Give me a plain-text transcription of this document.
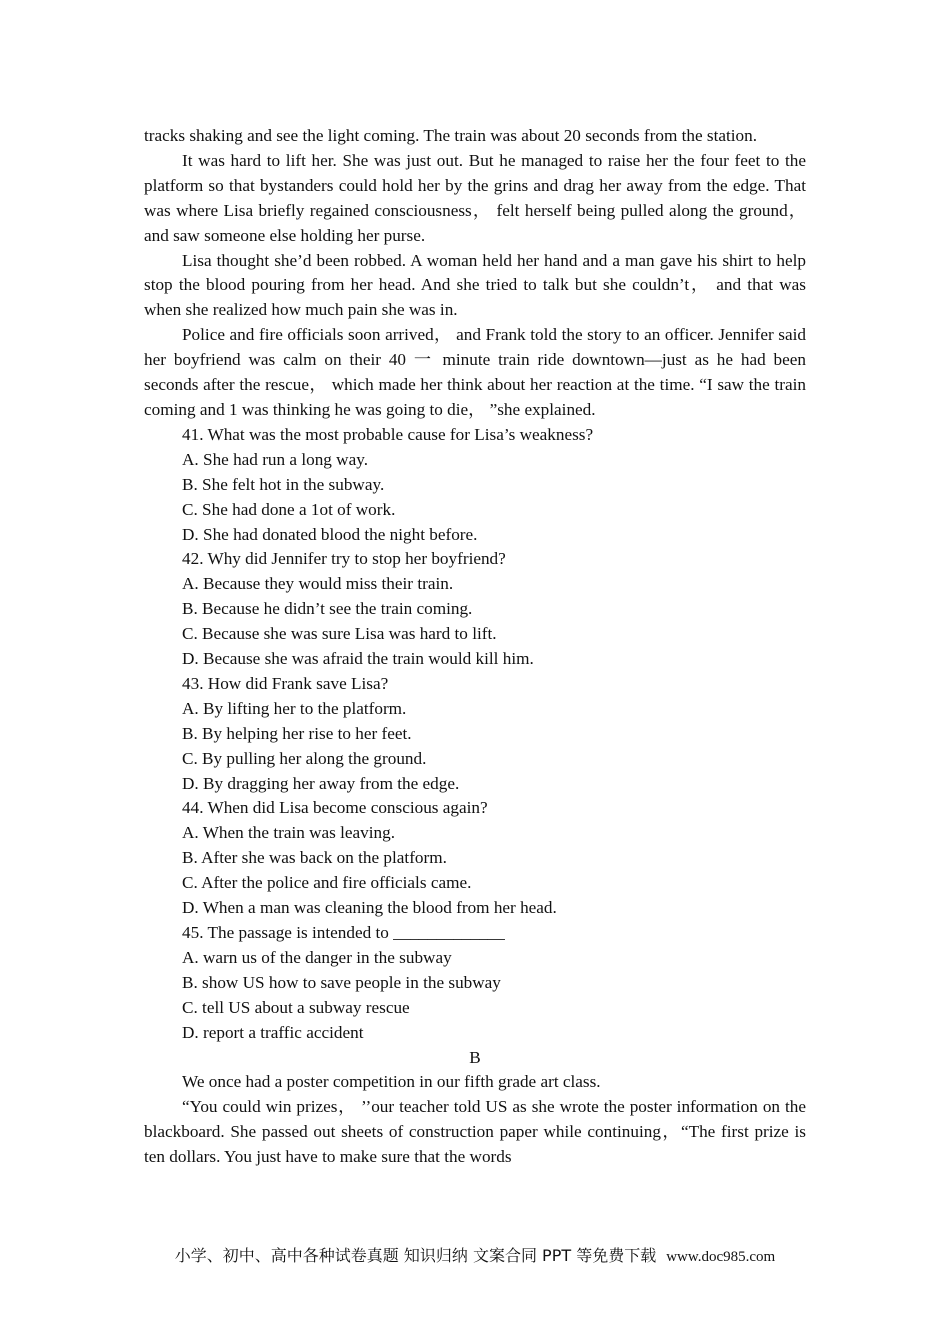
tracks shaking and see the light coming. The train was about 20 seconds from the station.

It was hard to lift her. She was just out. But he managed to raise her the four feet to the platform so that bystanders could hold her by the grins and drag her away from the edge. That was where Lisa briefly regained consciousness， felt herself being pulled along the ground， and saw someone else holding her purse.

Lisa thought she’d been robbed. A woman held her hand and a man gave his shirt to help stop the blood pouring from her head. And she tried to talk but she couldn’t， and that was when she realized how much pain she was in.

Police and fire officials soon arrived， and Frank told the story to an officer. Jennifer said her boyfriend was calm on their 40 一 minute train ride downtown—just as he had been seconds after the rescue， which made her think about her reaction at the time. “I saw the train coming and 1 was thinking he was going to die， ”she explained.

41. What was the most probable cause for Lisa’s weakness?

A. She had run a long way.

B. She felt hot in the subway.

C. She had done a 1ot of work.

D. She had donated blood the night before.

42. Why did Jennifer try to stop her boyfriend?

A. Because they would miss their train.

B. Because he didn’t see the train coming.

C. Because she was sure Lisa was hard to lift.

D. Because she was afraid the train would kill him.

43. How did Frank save Lisa?

A. By lifting her to the platform.

B. By helping her rise to her feet.

C. By pulling her along the ground.

D. By dragging her away from the edge.

44. When did Lisa become conscious again?

A. When the train was leaving.

B. After she was back on the platform.

C. After the police and fire officials came.

D. When a man was cleaning the blood from her head.

45. The passage is intended to _____________

A. warn us of the danger in the subway

B. show US how to save people in the subway

C. tell US about a subway rescue

D. report a traffic accident

B

We once had a poster competition in our fifth grade art class.

“You could win prizes， ’’our teacher told US as she wrote the poster information on the blackboard. She passed out sheets of construction paper while continuing，“The first prize is ten dollars. You just have to make sure that the words

小学、初中、高中各种试卷真题 知识归纳 文案合同 PPT 等免费下载 www.doc985.com
